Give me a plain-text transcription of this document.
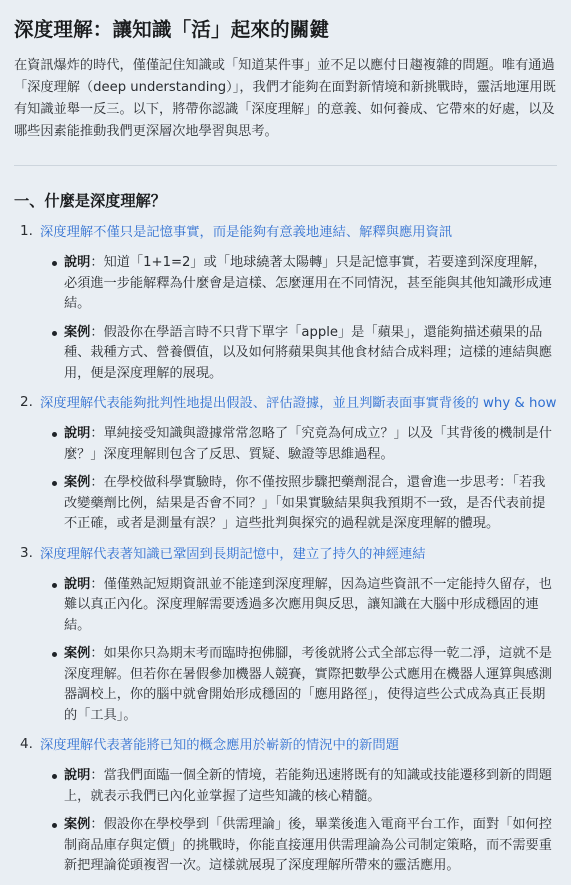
深度理解：讓知識「活」起來的關鍵

在資訊爆炸的時代，僅僅記住知識或「知道某件事」並不足以應付日趨複雜的問題。唯有通過「深度理解（deep understanding）」，我們才能夠在面對新情境和新挑戰時，靈活地運用既有知識並舉一反三。以下，將帶你認識「深度理解」的意義、如何養成、它帶來的好處，以及哪些因素能推動我們更深層次地學習與思考。

一、什麼是深度理解？
1. 深度理解不僅只是記憶事實，而是能夠有意義地連結、解釋與應用資訊
說明：知道「1+1=2」或「地球繞著太陽轉」只是記憶事實，若要達到深度理解，必須進一步能解釋為什麼會是這樣、怎麼運用在不同情況，甚至能與其他知識形成連結。
案例：假設你在學語言時不只背下單字「apple」是「蘋果」，還能夠描述蘋果的品種、栽種方式、營養價值，以及如何將蘋果與其他食材結合成料理；這樣的連結與應用，便是深度理解的展現。
2. 深度理解代表能夠批判性地提出假設、評估證據，並且判斷表面事實背後的 why & how
說明：單純接受知識與證據常常忽略了「究竟為何成立？」以及「其背後的機制是什麼？」深度理解則包含了反思、質疑、驗證等思維過程。
案例：在學校做科學實驗時，你不僅按照步驟把藥劑混合，還會進一步思考：「若我改變藥劑比例，結果是否會不同？」「如果實驗結果與我預期不一致，是否代表前提不正確，或者是測量有誤？」這些批判與探究的過程就是深度理解的體現。
3. 深度理解代表著知識已鞏固到長期記憶中，建立了持久的神經連結
說明：僅僅熟記短期資訊並不能達到深度理解，因為這些資訊不一定能持久留存，也難以真正內化。深度理解需要透過多次應用與反思，讓知識在大腦中形成穩固的連結。
案例：如果你只為期末考而臨時抱佛腳，考後就將公式全部忘得一乾二淨，這就不是深度理解。但若你在暑假參加機器人競賽，實際把數學公式應用在機器人運算與感測器調校上，你的腦中就會開始形成穩固的「應用路徑」，使得這些公式成為真正長期的「工具」。
4. 深度理解代表著能將已知的概念應用於嶄新的情況中的新問題
說明：當我們面臨一個全新的情境，若能夠迅速將既有的知識或技能遷移到新的問題上，就表示我們已內化並掌握了這些知識的核心精髓。
案例：假設你在學校學到「供需理論」後，畢業後進入電商平台工作，面對「如何控制商品庫存與定價」的挑戰時，你能直接運用供需理論為公司制定策略，而不需要重新把理論從頭複習一次。這樣就展現了深度理解所帶來的靈活應用。
